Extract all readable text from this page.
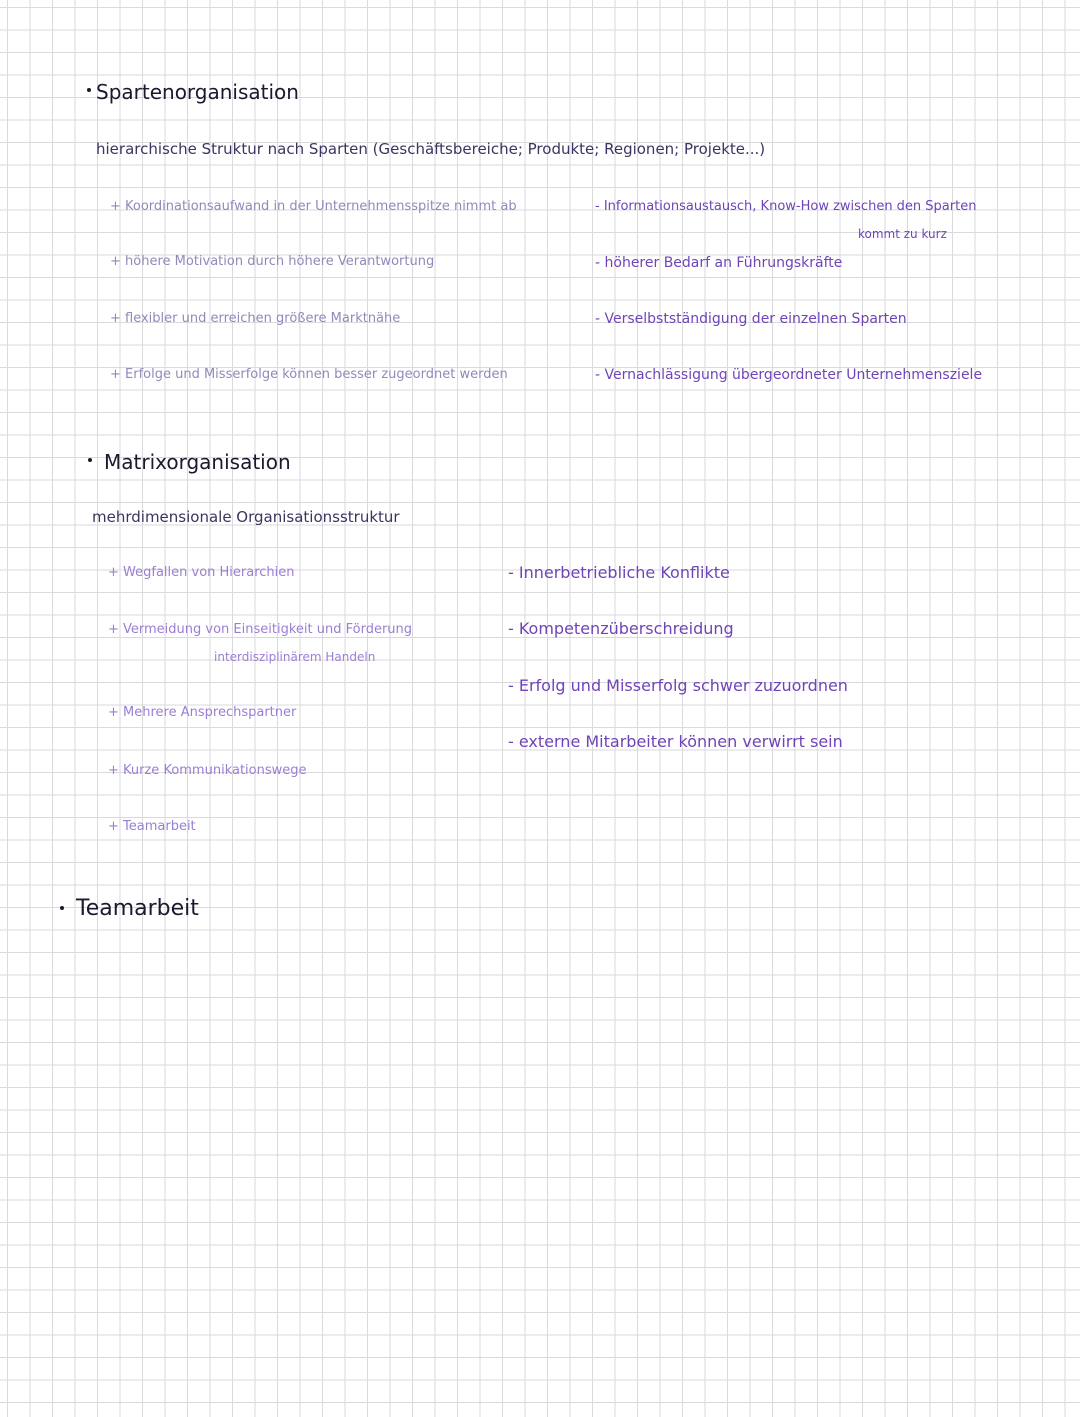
Spartenorganisation
hierarchische Struktur nach Sparten (Geschäftsbereiche; Produkte; Regionen; Projekte...)
+ Koordinationsaufwand in der Unternehmensspitze nimmt ab
+ höhere Motivation durch höhere Verantwortung
+ flexibler und erreichen größere Marktnähe
+ Erfolge und Misserfolge können besser zugeordnet werden
- Informationsaustausch, Know-How zwischen den Sparten
kommt zu kurz
- höherer Bedarf an Führungskräfte
- Verselbstständigung der einzelnen Sparten
- Vernachlässigung übergeordneter Unternehmensziele
Matrixorganisation
mehrdimensionale Organisationsstruktur
+ Wegfallen von Hierarchien
+ Vermeidung von Einseitigkeit und Förderung
interdisziplinärem Handeln
+ Mehrere Ansprechspartner
+ Kurze Kommunikationswege
+ Teamarbeit
- Innerbetriebliche Konflikte
- Kompetenzüberschreidung
- Erfolg und Misserfolg schwer zuzuordnen
- externe Mitarbeiter können verwirrt sein
Teamarbeit
